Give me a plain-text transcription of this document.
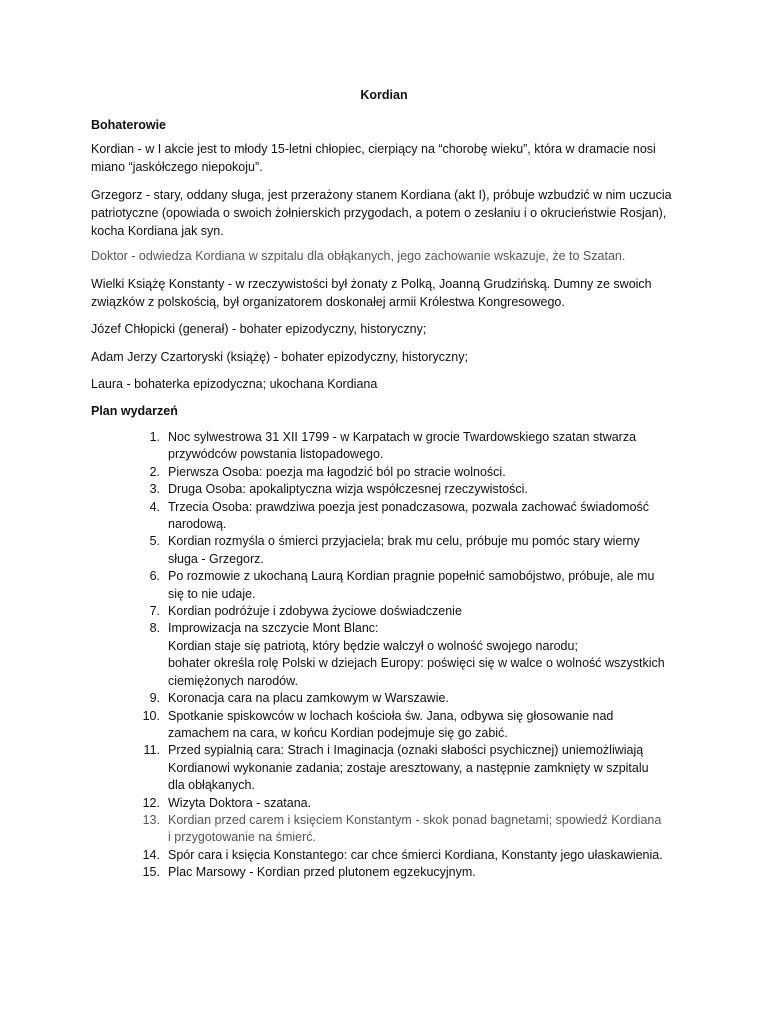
Kordian
Bohaterowie

Kordian - w I akcie jest to młody 15-letni chłopiec, cierpiący na “chorobę wieku”, która w dramacie nosi miano “jaskółczego niepokoju”.

Grzegorz - stary, oddany sługa, jest przerażony stanem Kordiana (akt I), próbuje wzbudzić w nim uczucia patriotyczne (opowiada o swoich żołnierskich przygodach, a potem o zesłaniu i o okrucieństwie Rosjan), kocha Kordiana jak syn.

Doktor - odwiedza Kordiana w szpitalu dla obłąkanych, jego zachowanie wskazuje, że to Szatan.

Wielki Książę Konstanty - w rzeczywistości był żonaty z Polką, Joanną Grudzińską. Dumny ze swoich związków z polskością, był organizatorem doskonałej armii Królestwa Kongresowego.

Józef Chłopicki (generał) - bohater epizodyczny, historyczny;

Adam Jerzy Czartoryski (książę) - bohater epizodyczny, historyczny;

Laura - bohaterka epizodyczna; ukochana Kordiana

Plan wydarzeń
1. Noc sylwestrowa 31 XII 1799 - w Karpatach w grocie Twardowskiego szatan stwarza
przywódców powstania listopadowego.
2. Pierwsza Osoba: poezja ma łagodzić ból po stracie wolności.
3. Druga Osoba: apokaliptyczna wizja współczesnej rzeczywistości.
4. Trzecia Osoba: prawdziwa poezja jest ponadczasowa, pozwala zachować świadomość
narodową.
5. Kordian rozmyśla o śmierci przyjaciela; brak mu celu, próbuje mu pomóc stary wierny
sługa - Grzegorz.
6. Po rozmowie z ukochaną Laurą Kordian pragnie popełnić samobójstwo, próbuje, ale mu
się to nie udaje.
7. Kordian podróżuje i zdobywa życiowe doświadczenie
8. Improwizacja na szczycie Mont Blanc:
Kordian staje się patriotą, który będzie walczył o wolność swojego narodu;
bohater określa rolę Polski w dziejach Europy: poświęci się w walce o wolność wszystkich
ciemiężonych narodów.
9. Koronacja cara na placu zamkowym w Warszawie.
10. Spotkanie spiskowców w lochach kościoła św. Jana, odbywa się głosowanie nad
zamachem na cara, w końcu Kordian podejmuje się go zabić.
11. Przed sypialnią cara: Strach i Imaginacja (oznaki słabości psychicznej) uniemożliwiają
Kordianowi wykonanie zadania; zostaje aresztowany, a następnie zamknięty w szpitalu
dla obłąkanych.
12. Wizyta Doktora - szatana.
13. Kordian przed carem i księciem Konstantym - skok ponad bagnetami; spowiedź Kordiana
i przygotowanie na śmierć.
14. Spór cara i księcia Konstantego: car chce śmierci Kordiana, Konstanty jego ułaskawienia.
15. Plac Marsowy - Kordian przed plutonem egzekucyjnym.
